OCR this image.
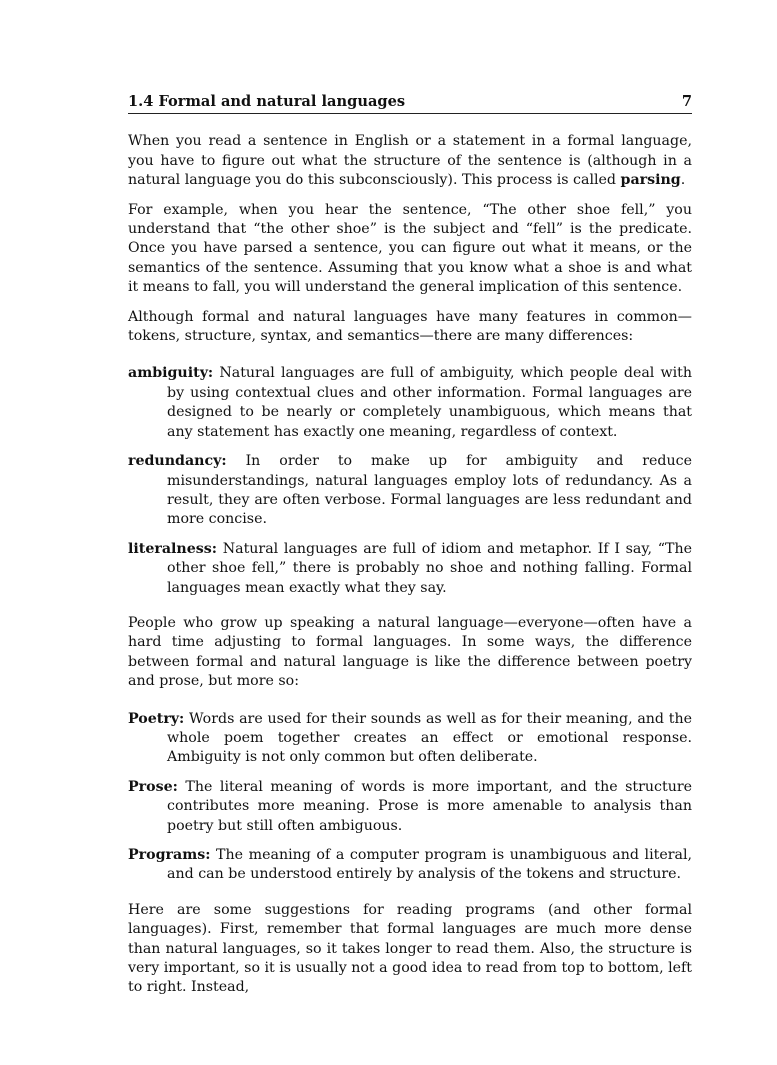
1.4 Formal and natural languages	7

When you read a sentence in English or a statement in a formal language, you have to figure out what the structure of the sentence is (although in a natural language you do this subconsciously). This process is called parsing.

For example, when you hear the sentence, “The other shoe fell,” you understand that “the other shoe” is the subject and “fell” is the predicate. Once you have parsed a sentence, you can figure out what it means, or the semantics of the sentence. Assuming that you know what a shoe is and what it means to fall, you will understand the general implication of this sentence.

Although formal and natural languages have many features in common—tokens, structure, syntax, and semantics—there are many differences:

ambiguity: Natural languages are full of ambiguity, which people deal with by using contextual clues and other information. Formal languages are designed to be nearly or completely unambiguous, which means that any statement has exactly one meaning, regardless of context.
redundancy: In order to make up for ambiguity and reduce misunderstandings, natural languages employ lots of redundancy. As a result, they are often verbose. Formal languages are less redundant and more concise.
literalness: Natural languages are full of idiom and metaphor. If I say, “The other shoe fell,” there is probably no shoe and nothing falling. Formal languages mean exactly what they say.

People who grow up speaking a natural language—everyone—often have a hard time adjusting to formal languages. In some ways, the difference between formal and natural language is like the difference between poetry and prose, but more so:

Poetry: Words are used for their sounds as well as for their meaning, and the whole poem together creates an effect or emotional response. Ambiguity is not only common but often deliberate.
Prose: The literal meaning of words is more important, and the structure contributes more meaning. Prose is more amenable to analysis than poetry but still often ambiguous.
Programs: The meaning of a computer program is unambiguous and literal, and can be understood entirely by analysis of the tokens and structure.

Here are some suggestions for reading programs (and other formal languages). First, remember that formal languages are much more dense than natural languages, so it takes longer to read them. Also, the structure is very important, so it is usually not a good idea to read from top to bottom, left to right. Instead,
